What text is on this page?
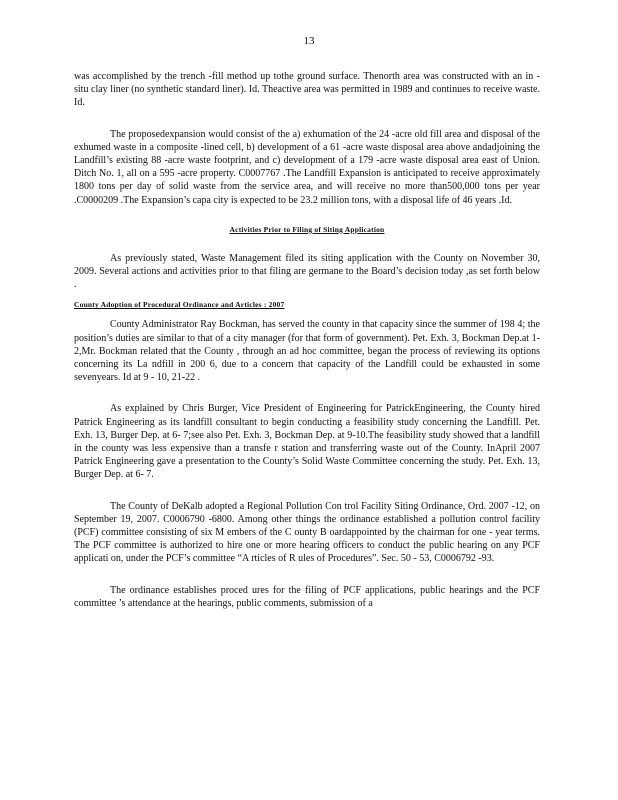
13

was accomplished by the trench -fill method up tothe ground surface. Thenorth area was constructed with an in - situ clay liner (no synthetic standard liner). Id. Theactive area was permitted in 1989 and continues to receive waste. Id.

The proposedexpansion would consist of the a) exhumation of the 24 -acre old fill area and disposal of the exhumed waste in a composite -lined cell, b) development of a 61 -acre waste disposal area above andadjoining the Landfill’s existing 88 -acre waste footprint, and c) development of a 179 -acre waste disposal area east of Union. Ditch No. 1, all on a 595 -acre property. C0007767 .The Landfill Expansion is anticipated to receive approximately 1800 tons per day of solid waste from the service area, and will receive no more than500,000 tons per year .C0000209 .The Expansion’s capa city is expected to be 23.2 million tons, with a disposal life of 46 years .Id.

Activities Prior to Filing of Siting Application

As previously stated, Waste Management filed its siting application with the County on November 30, 2009. Several actions and activities prior to that filing are germane to the Board’s decision today ,as set forth below .

County Adoption of Procedural Ordinance and Articles : 2007

County Administrator Ray Bockman, has served the county in that capacity since the summer of 198 4; the position’s duties are similar to that of a city manager (for that form of government). Pet. Exh. 3, Bockman Dep.at 1-2,Mr. Bockman related that the County , through an ad hoc committee, began the process of reviewing its options concerning its La ndfill in 200 6, due to a concern that capacity of the Landfill could be exhausted in some sevenyears. Id at 9 - 10, 21-22 .

As explained by Chris Burger, Vice President of Engineering for PatrickEngineering, the County hired Patrick Engineering as its landfill consultant to begin conducting a feasibility study concerning the Landfill. Pet. Exh. 13, Burger Dep. at 6- 7;see also Pet. Exh. 3, Bockman Dep. at 9-10.The feasibility study showed that a landfill in the county was less expensive than a transfe r station and transferring waste out of the County. InApril 2007 Patrick Engineering gave a presentation to the County’s Solid Waste Committee concerning the study. Pet. Exh. 13, Burger Dep. at 6- 7.

The County of DeKalb adopted a Regional Pollution Con trol Facility Siting Ordinance, Ord. 2007 -12, on September 19, 2007. C0006790 -6800. Among other things the ordinance established a pollution control facility (PCF) committee consisting of six M embers of the C ounty B oardappointed by the chairman for one - year terms. The PCF committee is authorized to hire one or more hearing officers to conduct the public hearing on any PCF applicati on, under the PCF’s committee “A rticles of R ules of Procedures”. Sec. 50 - 53, C0006792 -93.

The ordinance establishes proced ures for the filing of PCF applications, public hearings and the PCF committee ’s attendance at the hearings, public comments, submission of a
